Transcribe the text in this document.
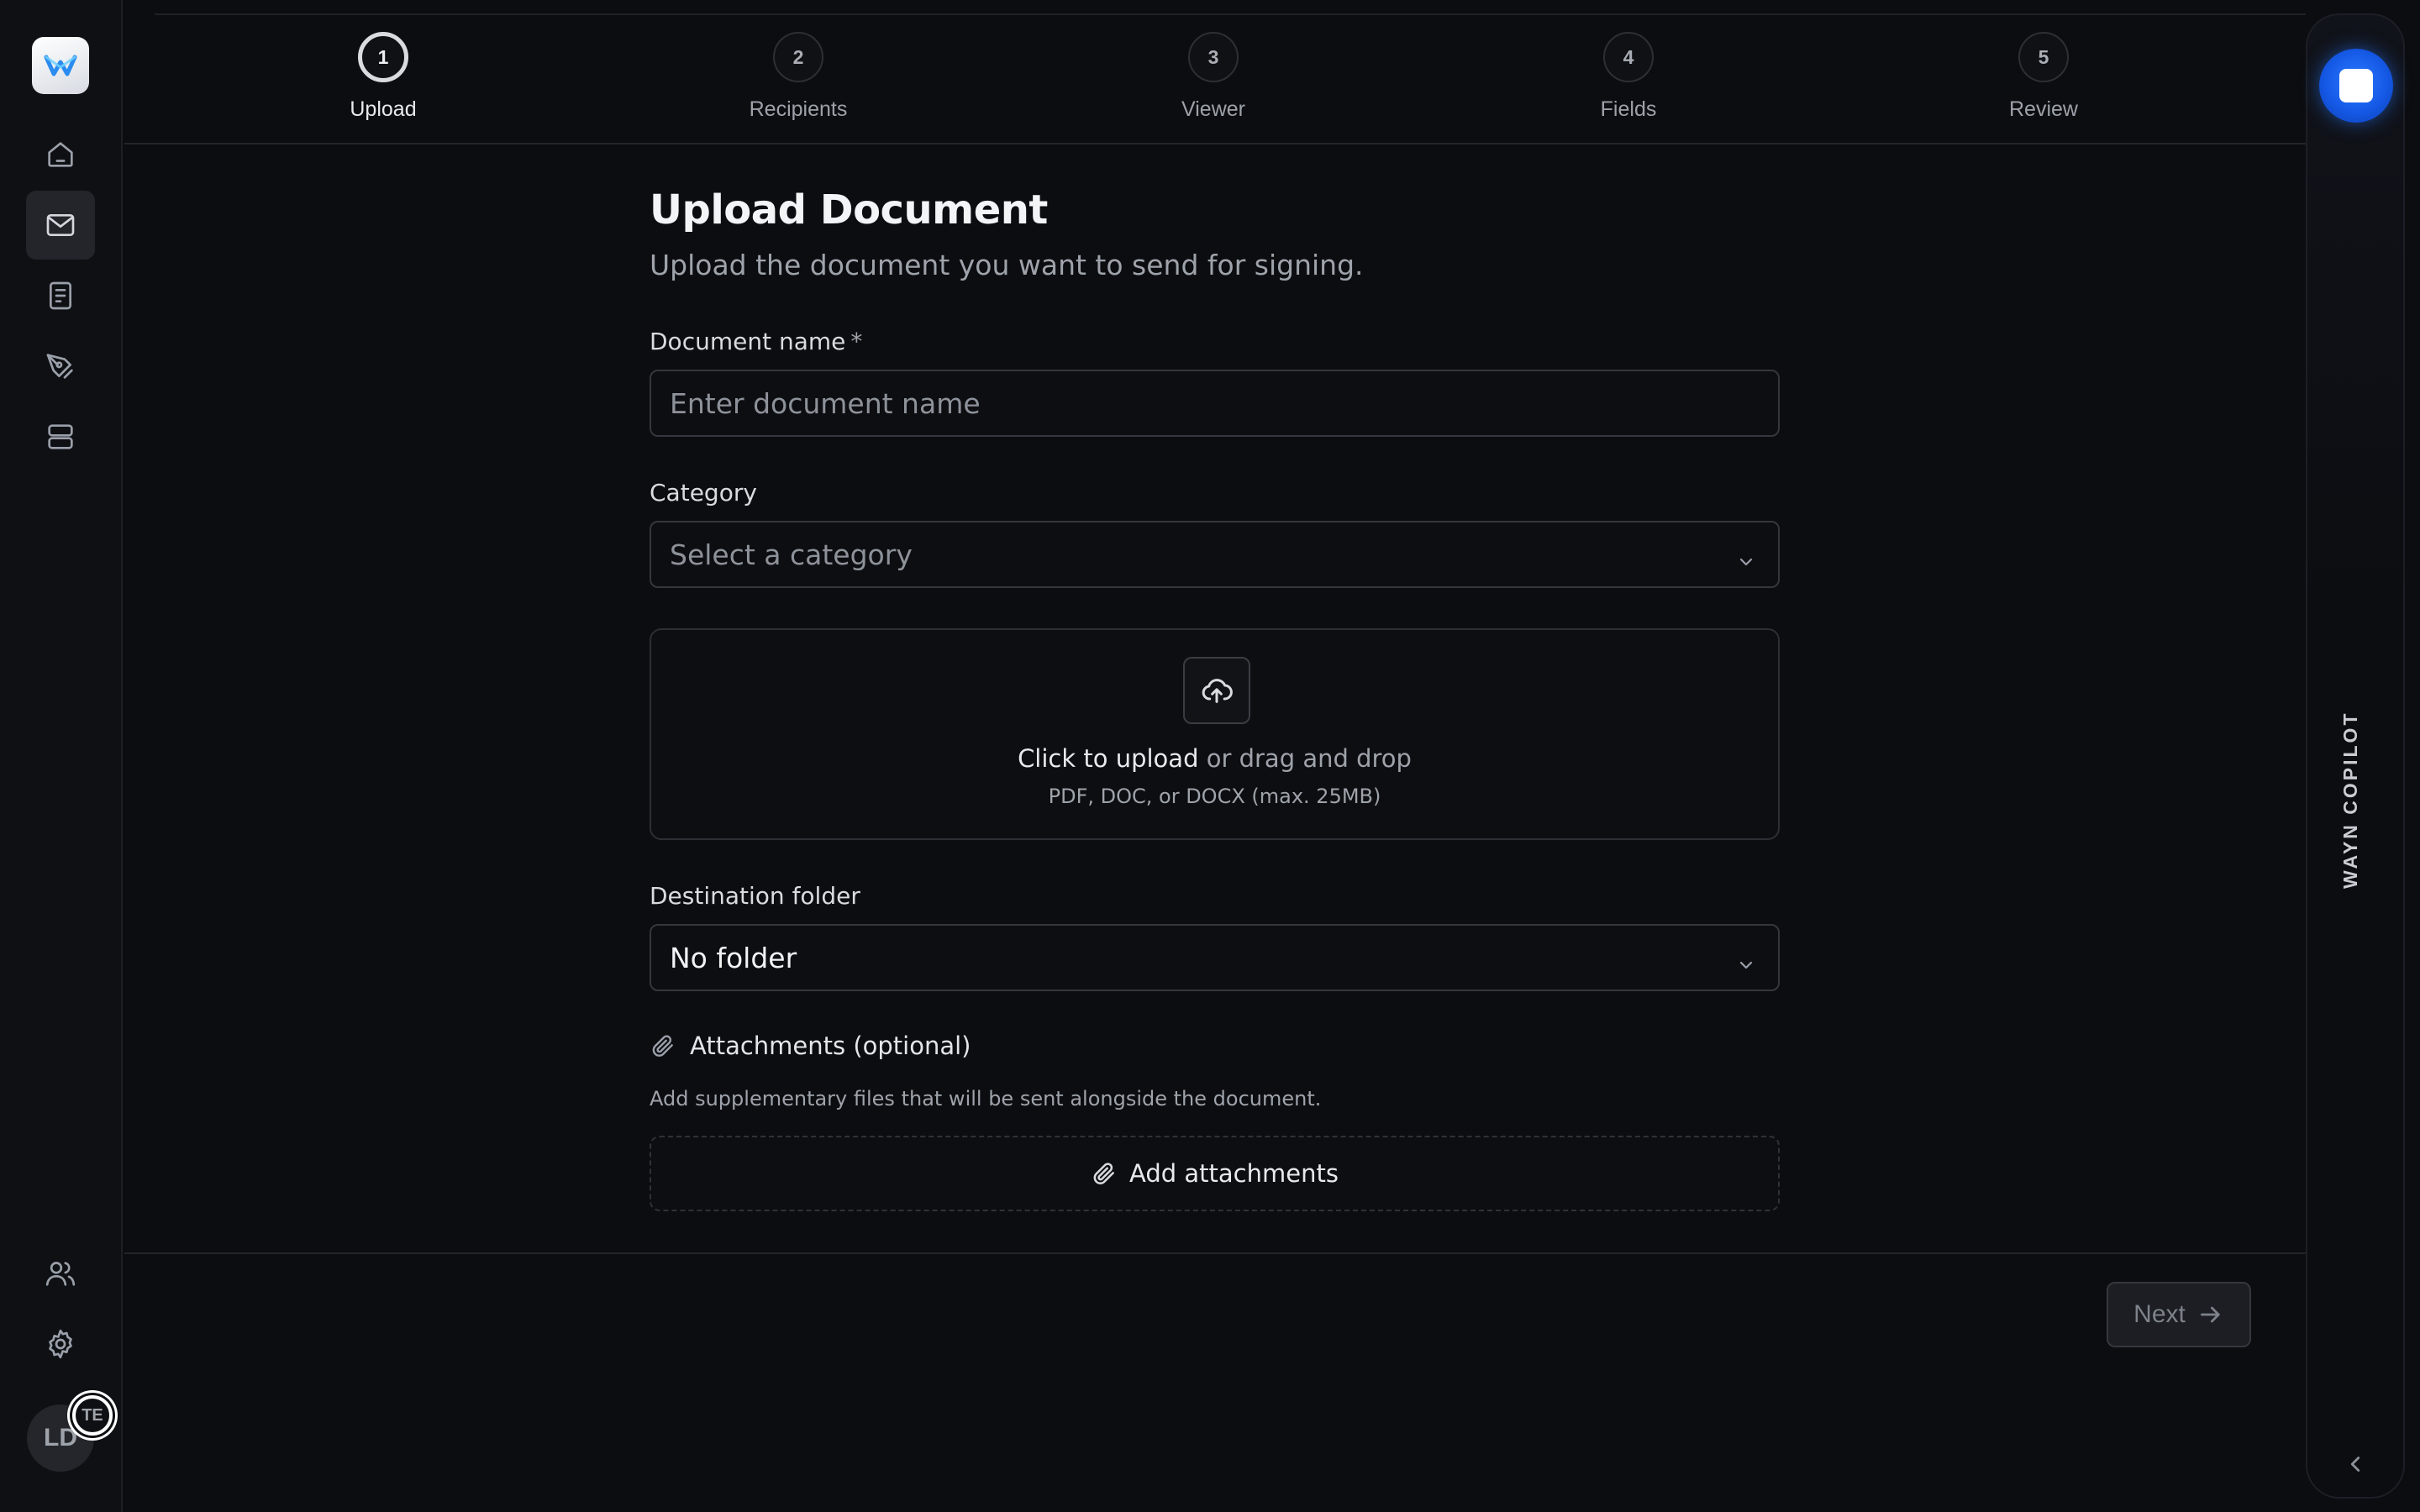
LD
TE
1
Upload
2
Recipients
3
Viewer
4
Fields
5
Review
Upload Document

Upload the document you want to send for signing.

Document name *
Enter document name
Category
Select a category
Click to upload or drag and drop
PDF, DOC, or DOCX (max. 25MB)
Destination folder
No folder
Attachments (optional)

Add supplementary files that will be sent alongside the document.

Add attachments
Next
WAYN COPILOT
